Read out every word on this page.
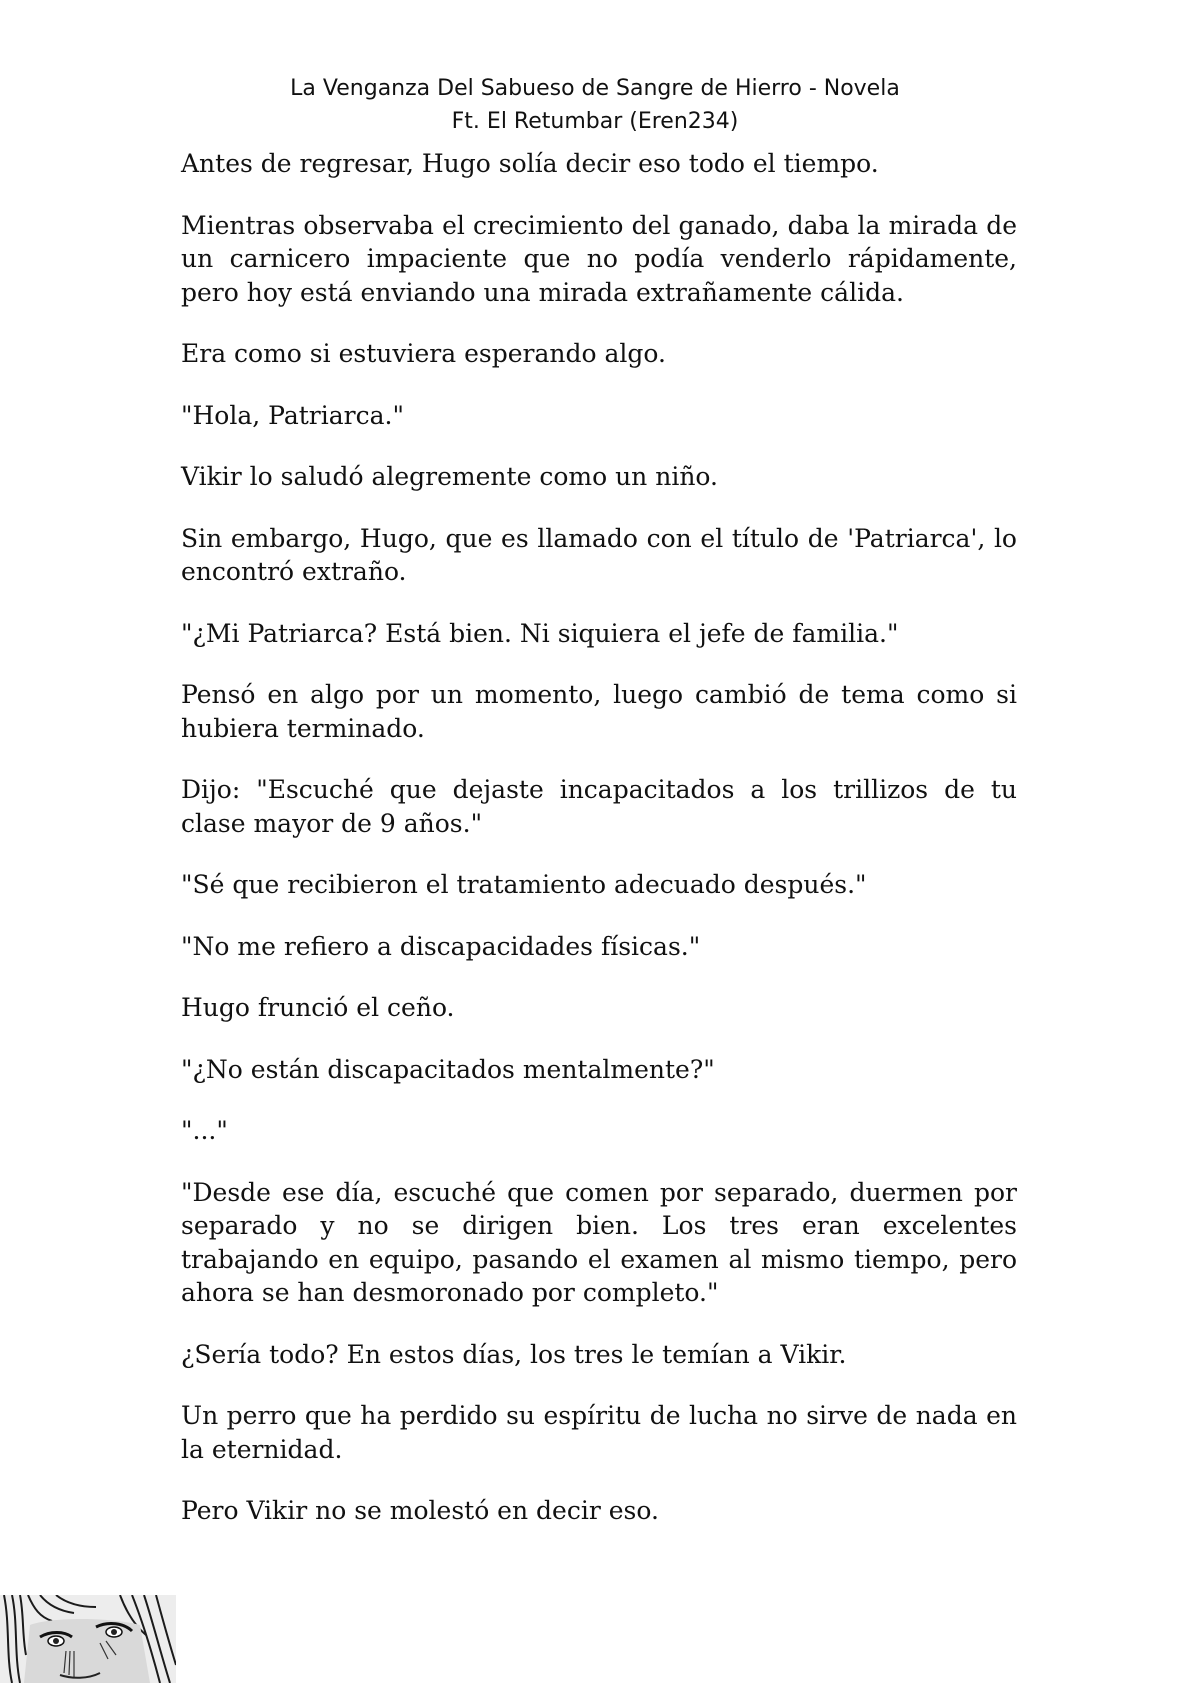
La Venganza Del Sabueso de Sangre de Hierro - Novela
Ft. El Retumbar (Eren234)

Antes de regresar, Hugo solía decir eso todo el tiempo.

Mientras observaba el crecimiento del ganado, daba la mirada de un carnicero impaciente que no podía venderlo rápidamente, pero hoy está enviando una mirada extrañamente cálida.

Era como si estuviera esperando algo.

"Hola, Patriarca."

Vikir lo saludó alegremente como un niño.

Sin embargo, Hugo, que es llamado con el título de 'Patriarca', lo encontró extraño.

"¿Mi Patriarca? Está bien. Ni siquiera el jefe de familia."

Pensó en algo por un momento, luego cambió de tema como si hubiera terminado.

Dijo: "Escuché que dejaste incapacitados a los trillizos de tu clase mayor de 9 años."

"Sé que recibieron el tratamiento adecuado después."

"No me refiero a discapacidades físicas."

Hugo frunció el ceño.

"¿No están discapacitados mentalmente?"

"..."

"Desde ese día, escuché que comen por separado, duermen por separado y no se dirigen bien. Los tres eran excelentes trabajando en equipo, pasando el examen al mismo tiempo, pero ahora se han desmoronado por completo."

¿Sería todo? En estos días, los tres le temían a Vikir.

Un perro que ha perdido su espíritu de lucha no sirve de nada en la eternidad.

Pero Vikir no se molestó en decir eso.
